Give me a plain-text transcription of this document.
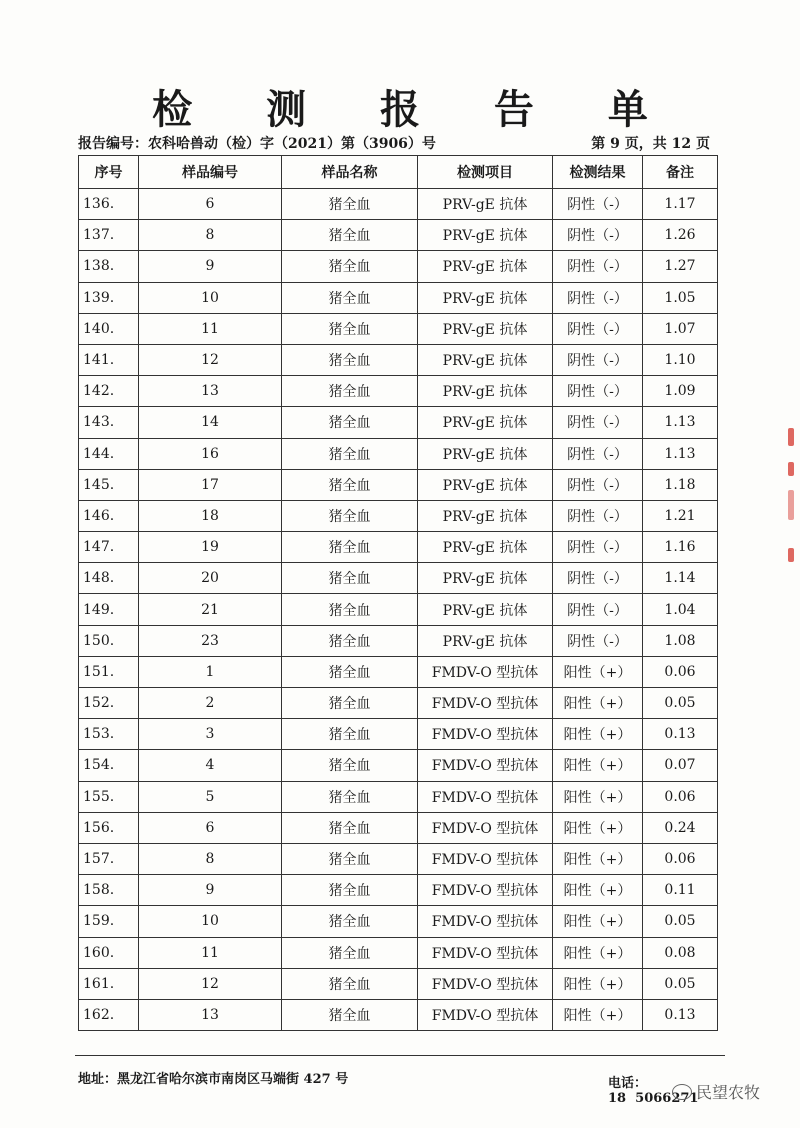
检 测 报 告 单
报告编号：农科哈兽动（检）字（2021）第（3906）号	第 9 页，共 12 页
序号	样品编号	样品名称	检测项目	检测结果	备注
136.	6	猪全血	PRV-gE 抗体	阴性（-）	1.17
137.	8	猪全血	PRV-gE 抗体	阴性（-）	1.26
138.	9	猪全血	PRV-gE 抗体	阴性（-）	1.27
139.	10	猪全血	PRV-gE 抗体	阴性（-）	1.05
140.	11	猪全血	PRV-gE 抗体	阴性（-）	1.07
141.	12	猪全血	PRV-gE 抗体	阴性（-）	1.10
142.	13	猪全血	PRV-gE 抗体	阴性（-）	1.09
143.	14	猪全血	PRV-gE 抗体	阴性（-）	1.13
144.	16	猪全血	PRV-gE 抗体	阴性（-）	1.13
145.	17	猪全血	PRV-gE 抗体	阴性（-）	1.18
146.	18	猪全血	PRV-gE 抗体	阴性（-）	1.21
147.	19	猪全血	PRV-gE 抗体	阴性（-）	1.16
148.	20	猪全血	PRV-gE 抗体	阴性（-）	1.14
149.	21	猪全血	PRV-gE 抗体	阴性（-）	1.04
150.	23	猪全血	PRV-gE 抗体	阴性（-）	1.08
151.	1	猪全血	FMDV-O 型抗体	阳性（+）	0.06
152.	2	猪全血	FMDV-O 型抗体	阳性（+）	0.05
153.	3	猪全血	FMDV-O 型抗体	阳性（+）	0.13
154.	4	猪全血	FMDV-O 型抗体	阳性（+）	0.07
155.	5	猪全血	FMDV-O 型抗体	阳性（+）	0.06
156.	6	猪全血	FMDV-O 型抗体	阳性（+）	0.24
157.	8	猪全血	FMDV-O 型抗体	阳性（+）	0.06
158.	9	猪全血	FMDV-O 型抗体	阳性（+）	0.11
159.	10	猪全血	FMDV-O 型抗体	阳性（+）	0.05
160.	11	猪全血	FMDV-O 型抗体	阳性（+）	0.08
161.	12	猪全血	FMDV-O 型抗体	阳性（+）	0.05
162.	13	猪全血	FMDV-O 型抗体	阳性（+）	0.13
地址：黑龙江省哈尔滨市南岗区马端街 427 号	电话：18  5066271
民望农牧
